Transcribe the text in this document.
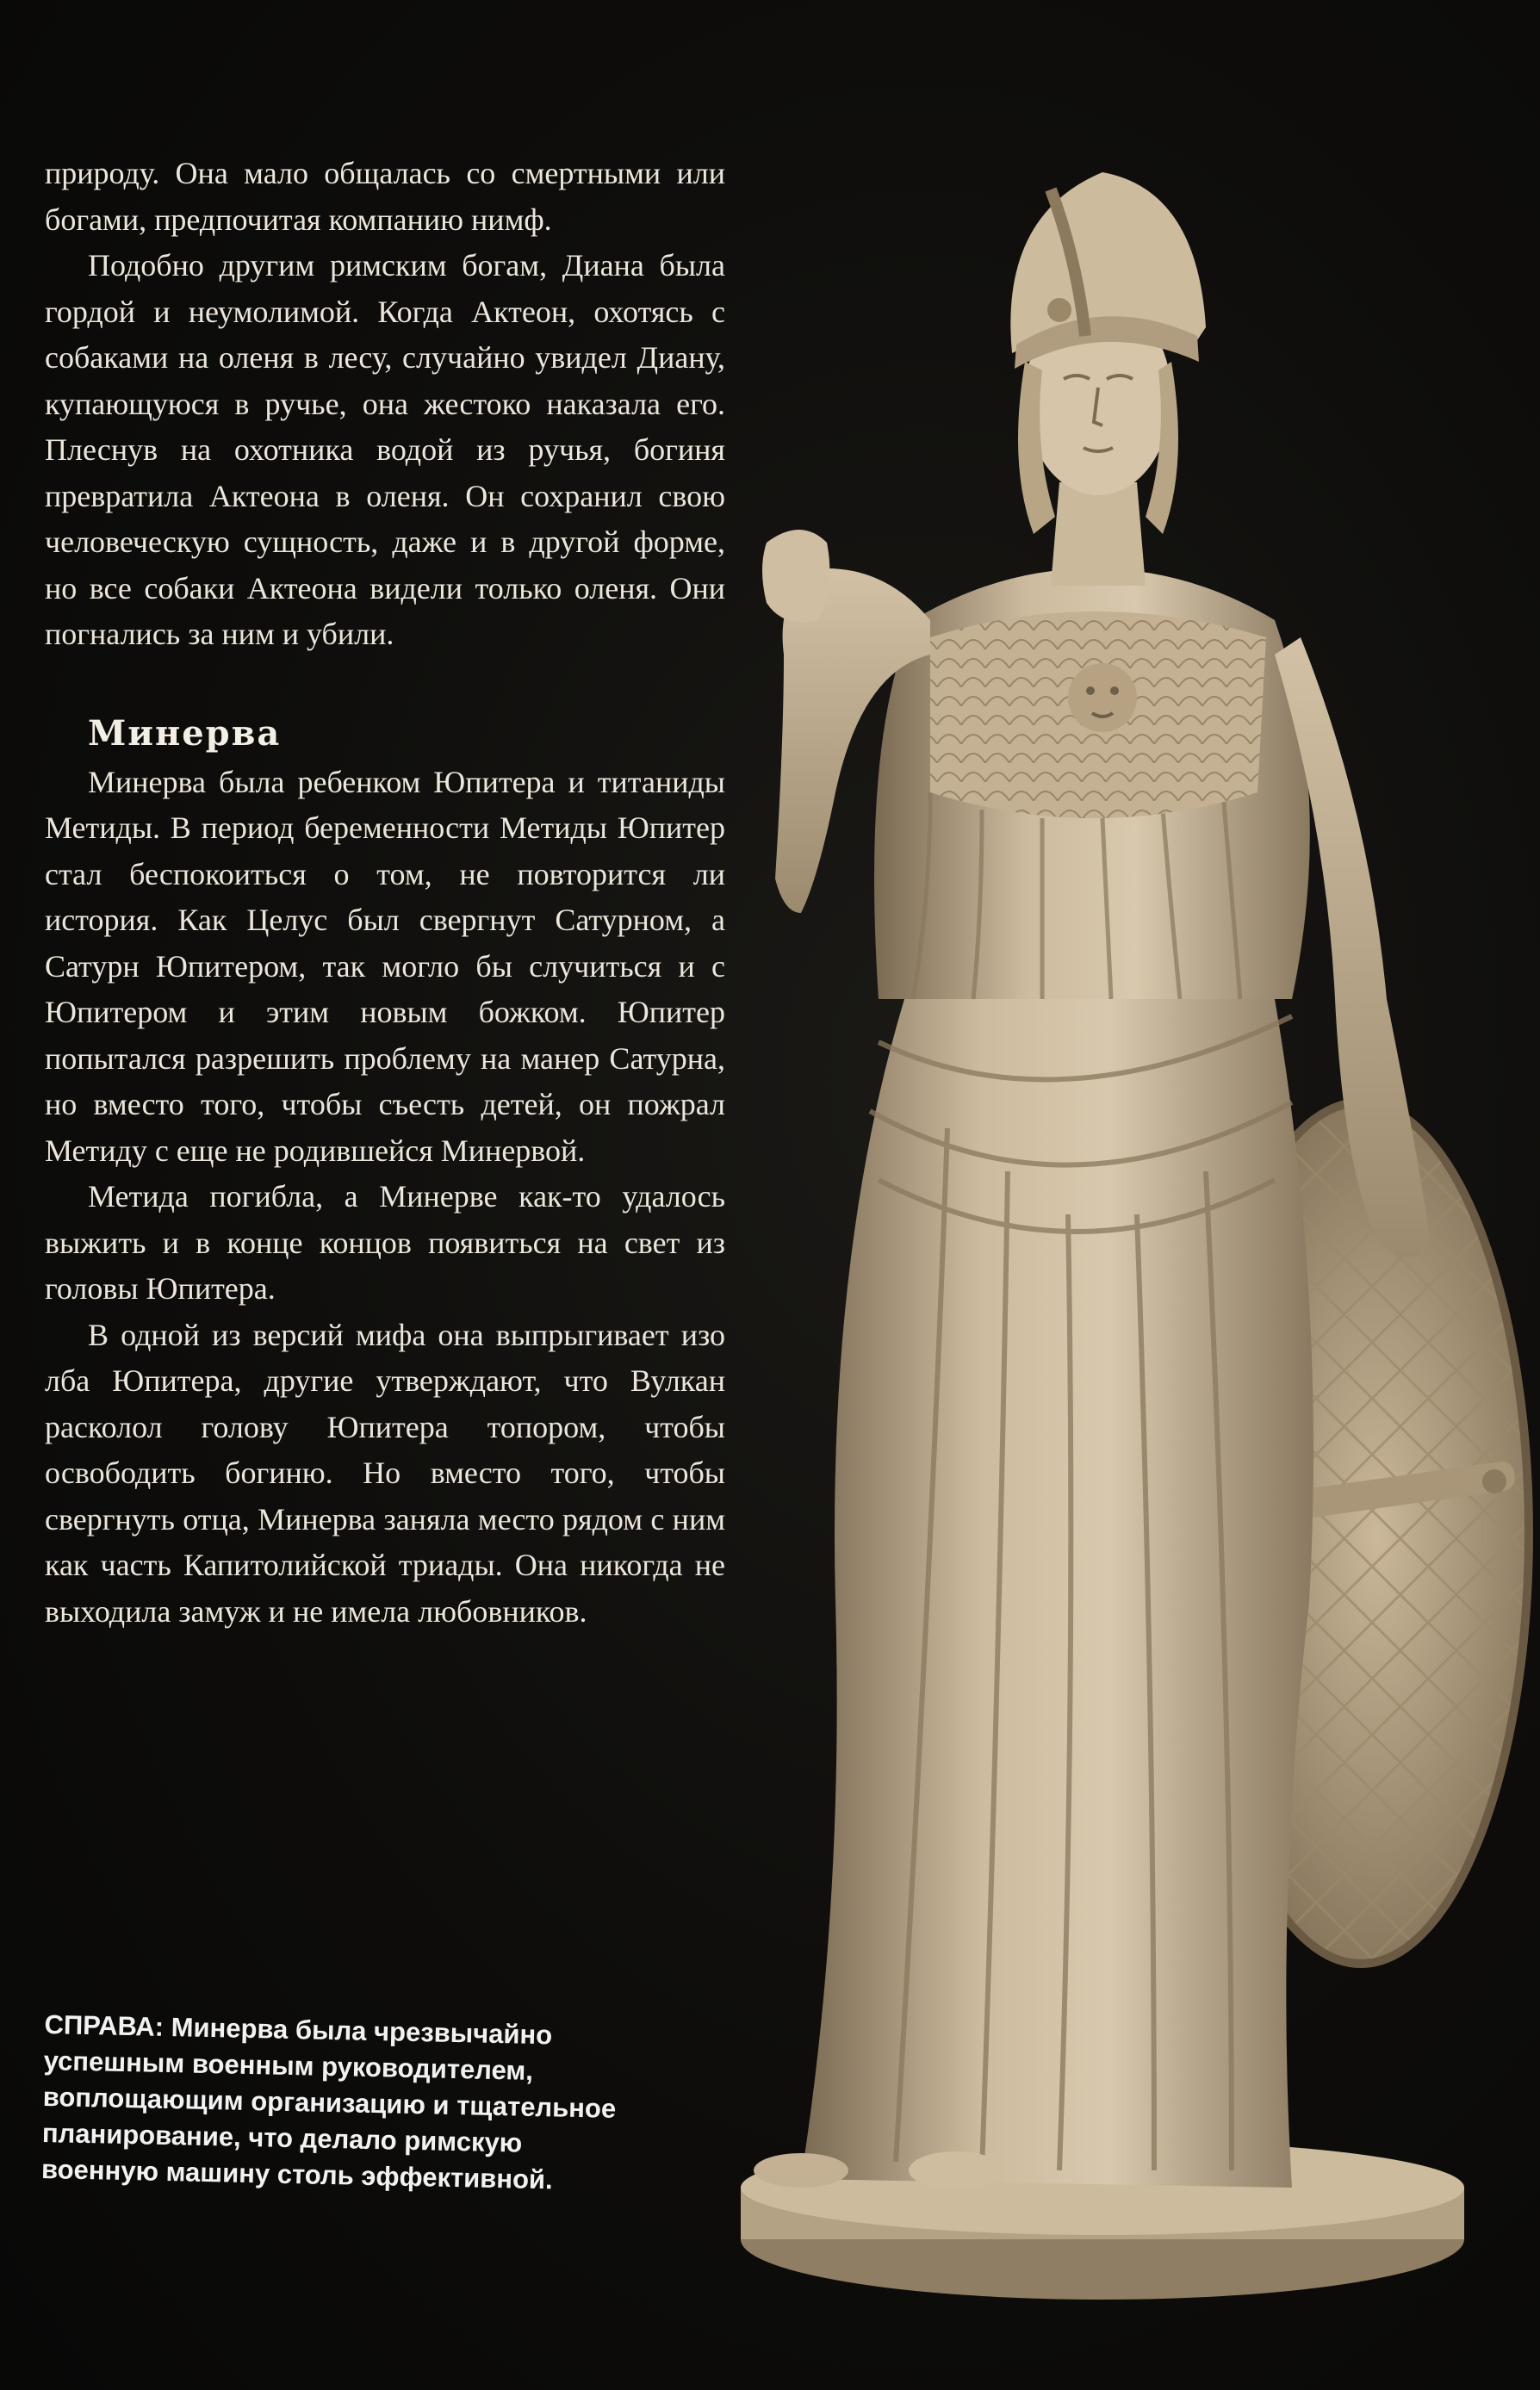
природу. Она мало общалась со смертными или богами, предпочитая компанию нимф.

Подобно другим римским богам, Диана была гордой и неумолимой. Когда Актеон, охотясь с собаками на оленя в лесу, случайно увидел Диану, купающуюся в ручье, она жестоко наказала его. Плеснув на охотника водой из ручья, богиня превратила Актеона в оленя. Он сохранил свою человеческую сущность, даже и в другой форме, но все собаки Актеона видели только оленя. Они погнались за ним и убили.

Минерва

Минерва была ребенком Юпитера и титаниды Метиды. В период беременности Метиды Юпитер стал беспокоиться о том, не повторится ли история. Как Целус был свергнут Сатурном, а Сатурн Юпитером, так могло бы случиться и с Юпитером и этим новым божком. Юпитер попытался разрешить проблему на манер Сатурна, но вместо того, чтобы съесть детей, он пожрал Метиду с еще не родившейся Минервой.

Метида погибла, а Минерве как-то удалось выжить и в конце концов появиться на свет из головы Юпитера.

В одной из версий мифа она выпрыгивает изо лба Юпитера, другие утверждают, что Вулкан расколол голову Юпитера топором, чтобы освободить богиню. Но вместо того, чтобы свергнуть отца, Минерва заняла место рядом с ним как часть Капитолийской триады. Она никогда не выходила замуж и не имела любовников.

СПРАВА: Минерва была чрезвычайно успешным военным руководителем, воплощающим организацию и тщательное планирование, что делало римскую военную машину столь эффективной.
